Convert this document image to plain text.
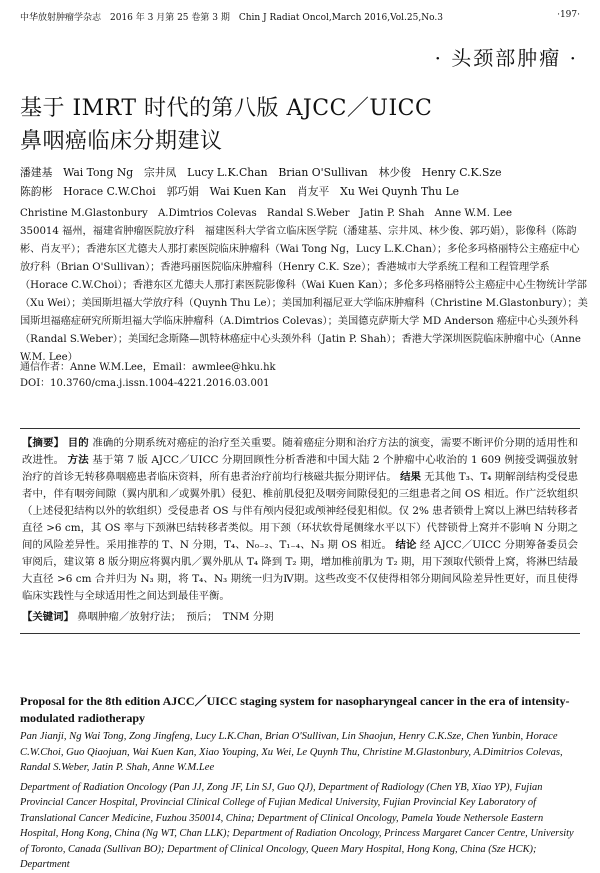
中华放射肿瘤学杂志　2016 年 3 月第 25 卷第 3 期　Chin J Radiat Oncol,March 2016,Vol.25,No.3	·197·
· 头颈部肿瘤 ·
基于 IMRT 时代的第八版 AJCC／UICC
鼻咽癌临床分期建议
潘建基　Wai Tong Ng　宗井凤　Lucy L.K.Chan　Brian O'Sullivan　林少俊　Henry C.K.Sze
陈韵彬　Horace C.W.Choi　郭巧娟　Wai Kuen Kan　肖友平　Xu Wei Quynh Thu Le

Christine M.Glastonbury　A.Dimtrios Colevas　Randal S.Weber　Jatin P. Shah　Anne W.M. Lee

350014 福州，福建省肿瘤医院放疗科　福建医科大学省立临床医学院（潘建基、宗井凤、林少俊、郭巧娟），影像科（陈韵彬、肖友平）；香港东区尤德夫人那打素医院临床肿瘤科（Wai Tong Ng，Lucy L.K.Chan）；多伦多玛格丽特公主癌症中心放疗科（Brian O'Sullivan）；香港玛丽医院临床肿瘤科（Henry C.K. Sze）；香港城市大学系统工程和工程管理学系（Horace C.W.Choi）；香港东区尤德夫人那打素医院影像科（Wai Kuen Kan）；多伦多玛格丽特公主癌症中心生物统计学部（Xu Wei）；美国斯坦福大学放疗科（Quynh Thu Le）；美国加利福尼亚大学临床肿瘤科（Christine M.Glastonbury）；美国斯坦福癌症研究所斯坦福大学临床肿瘤科（A.Dimtrios Colevas）；美国德克萨斯大学 MD Anderson 癌症中心头颈外科（Randal S.Weber）；美国纪念斯隆—凯特林癌症中心头颈外科（Jatin P. Shah）；香港大学深圳医院临床肿瘤中心（Anne W.M. Lee）

通信作者：Anne W.M.Lee，Email：awmlee@hku.hk
DOI：10.3760/cma.j.issn.1004-4221.2016.03.001
【摘要】 目的 准确的分期系统对癌症的治疗至关重要。随着癌症分期和治疗方法的演变，需要不断评价分期的适用性和改进性。 方法 基于第 7 版 AJCC／UICC 分期回顾性分析香港和中国大陆 2 个肿瘤中心收治的 1 609 例接受调强放射治疗的首诊无转移鼻咽癌患者临床资料，所有患者治疗前均行核磁共振分期评估。 结果 无其他 T₃、T₄ 期解剖结构受侵患者中，伴有咽旁间隙（翼内肌和／或翼外肌）侵犯、椎前肌侵犯及咽旁间隙侵犯的三组患者之间 OS 相近。作广泛软组织（上述侵犯结构以外的软组织）受侵患者 OS 与伴有颅内侵犯或颅神经侵犯相似。仅 2% 患者锁骨上窝以上淋巴结转移者直径 >6 cm，其 OS 率与下颈淋巴结转移者类似。用下颈（环状软骨尾侧缘水平以下）代替锁骨上窝并不影响 N 分期之间的风险差异性。采用推荐的 T、N 分期，T₄、N₀₋₂、T₁₋₄、N₃ 期 OS 相近。 结论 经 AJCC／UICC 分期筹备委员会审阅后，建议第 8 版分期应将翼内肌／翼外肌从 T₄ 降到 T₂ 期，增加椎前肌为 T₂ 期，用下颈取代锁骨上窝，将淋巴结最大直径 >6 cm 合并归为 N₃ 期，将 T₄、N₃ 期统一归为Ⅳ期。这些改变不仅使得相邻分期间风险差异性更好，而且使得临床实践性与全球适用性之间达到最佳平衡。
【关键词】 鼻咽肿瘤／放射疗法；　预后；　TNM 分期

Proposal for the 8th edition AJCC／UICC staging system for nasopharyngeal cancer in the era of intensity-modulated radiotherapy

Pan Jianji, Ng Wai Tong, Zong Jingfeng, Lucy L.K.Chan, Brian O'Sullivan, Lin Shaojun, Henry C.K.Sze, Chen Yunbin, Horace C.W.Choi, Guo Qiaojuan, Wai Kuen Kan, Xiao Youping, Xu Wei, Le Quynh Thu, Christine M.Glastonbury, A.Dimitrios Colevas, Randal S.Weber, Jatin P. Shah, Anne W.M.Lee

Department of Radiation Oncology (Pan JJ, Zong JF, Lin SJ, Guo QJ), Department of Radiology (Chen YB, Xiao YP), Fujian Provincial Cancer Hospital, Provincial Clinical College of Fujian Medical University, Fujian Provincial Key Laboratory of Translational Cancer Medicine, Fuzhou 350014, China; Department of Clinical Oncology, Pamela Youde Nethersole Eastern Hospital, Hong Kong, China (Ng WT, Chan LLK); Department of Radiation Oncology, Princess Margaret Cancer Centre, University of Toronto, Canada (Sullivan BO); Department of Clinical Oncology, Queen Mary Hospital, Hong Kong, China (Sze HCK); Department
